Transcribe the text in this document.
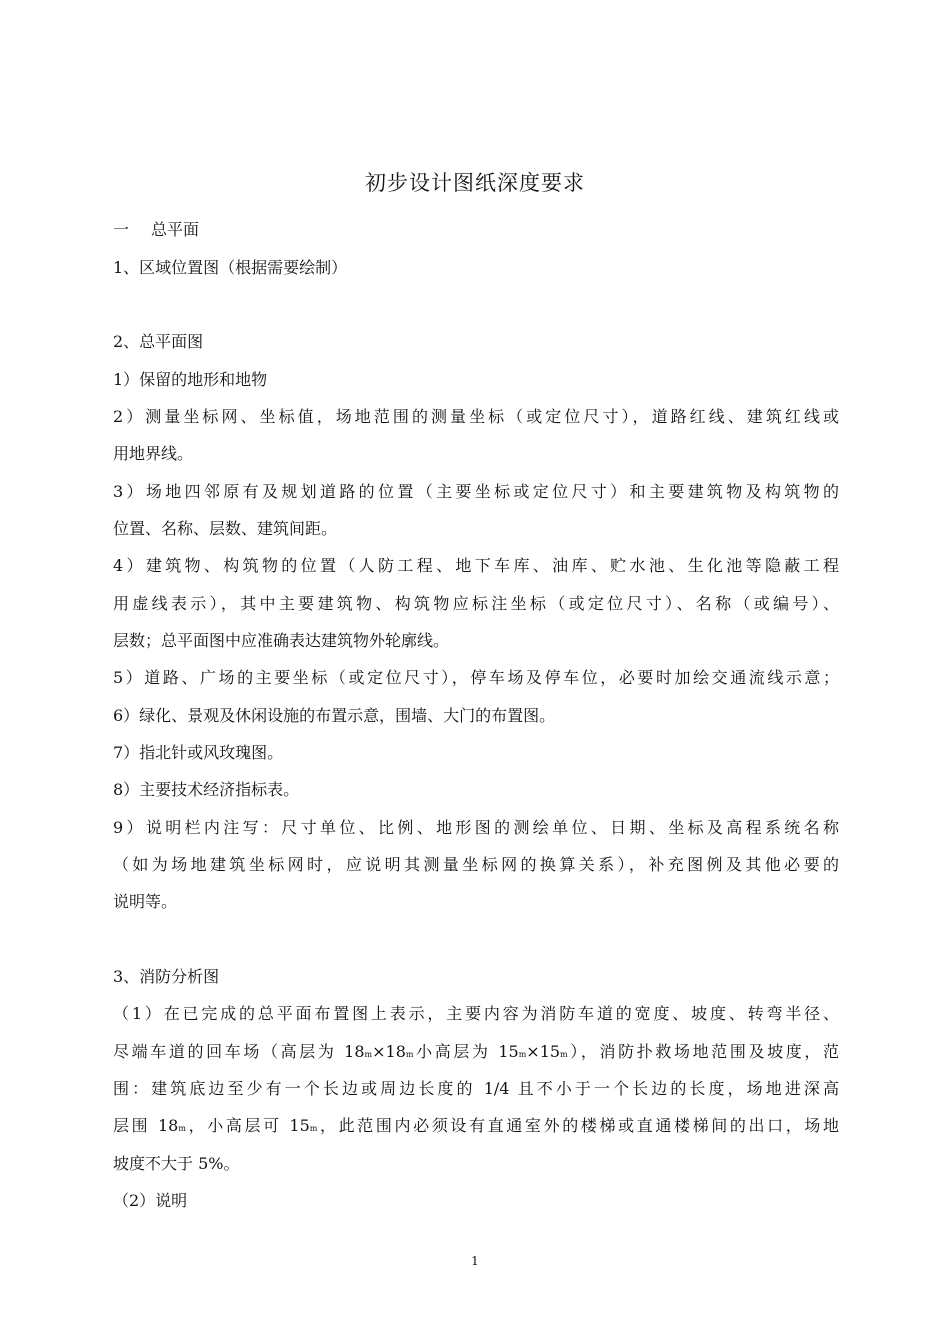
初步设计图纸深度要求
一 总平面
1、区域位置图（根据需要绘制）
2、总平面图
1）保留的地形和地物
2）测量坐标网、坐标值，场地范围的测量坐标（或定位尺寸），道路红线、建筑红线或
用地界线。
3）场地四邻原有及规划道路的位置（主要坐标或定位尺寸）和主要建筑物及构筑物的
位置、名称、层数、建筑间距。
4）建筑物、构筑物的位置（人防工程、地下车库、油库、贮水池、生化池等隐蔽工程
用虚线表示），其中主要建筑物、构筑物应标注坐标（或定位尺寸）、名称（或编号）、
层数；总平面图中应准确表达建筑物外轮廓线。
5）道路、广场的主要坐标（或定位尺寸），停车场及停车位，必要时加绘交通流线示意；
6）绿化、景观及休闲设施的布置示意，围墙、大门的布置图。
7）指北针或风玫瑰图。
8）主要技术经济指标表。
9）说明栏内注写：尺寸单位、比例、地形图的测绘单位、日期、坐标及高程系统名称
（如为场地建筑坐标网时，应说明其测量坐标网的换算关系），补充图例及其他必要的
说明等。
3、消防分析图
（1）在已完成的总平面布置图上表示，主要内容为消防车道的宽度、坡度、转弯半径、
尽端车道的回车场（高层为 18m×18m小高层为 15m×15m），消防扑救场地范围及坡度，范
围：建筑底边至少有一个长边或周边长度的 1/4 且不小于一个长边的长度，场地进深高
层围 18m，小高层可 15m，此范围内必须设有直通室外的楼梯或直通楼梯间的出口，场地
坡度不大于 5%。
（2）说明
1
